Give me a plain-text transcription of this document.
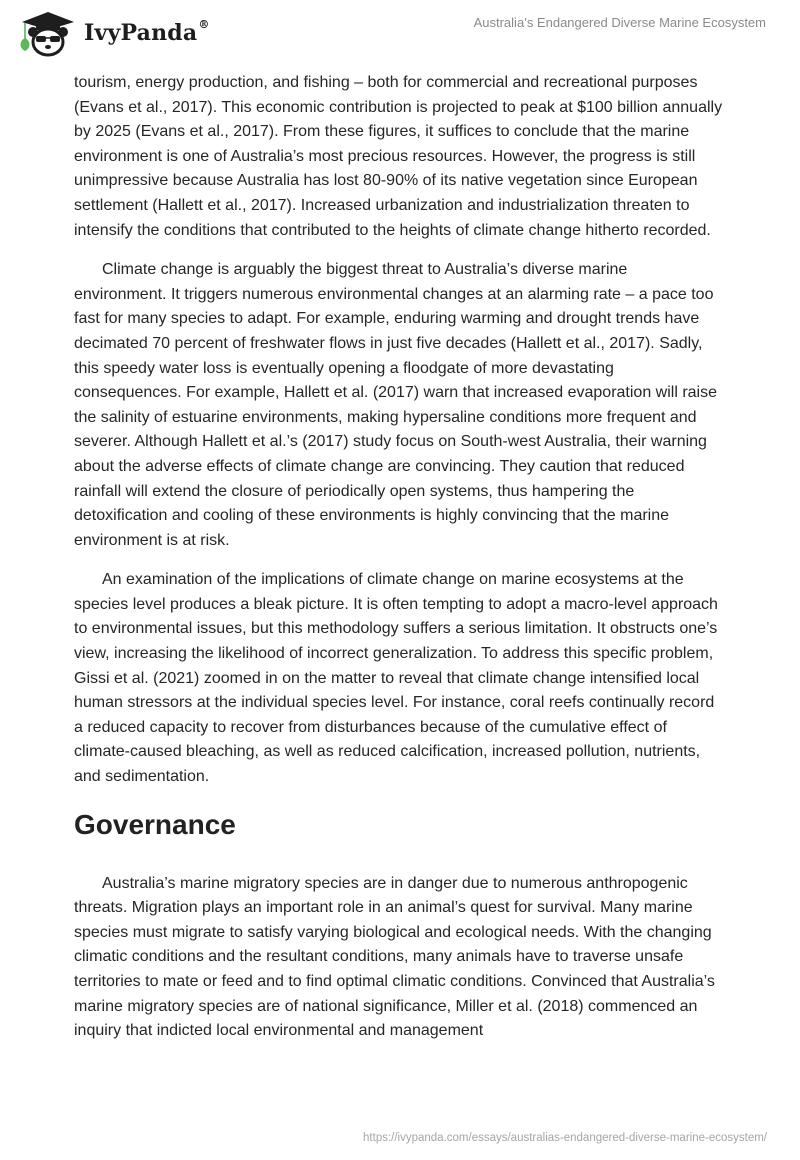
IvyPanda®	Australia’s Endangered Diverse Marine Ecosystem

tourism, energy production, and fishing – both for commercial and recreational purposes (Evans et al., 2017). This economic contribution is projected to peak at $100 billion annually by 2025 (Evans et al., 2017). From these figures, it suffices to conclude that the marine environment is one of Australia’s most precious resources. However, the progress is still unimpressive because Australia has lost 80-90% of its native vegetation since European settlement (Hallett et al., 2017). Increased urbanization and industrialization threaten to intensify the conditions that contributed to the heights of climate change hitherto recorded.

Climate change is arguably the biggest threat to Australia’s diverse marine environment. It triggers numerous environmental changes at an alarming rate – a pace too fast for many species to adapt. For example, enduring warming and drought trends have decimated 70 percent of freshwater flows in just five decades (Hallett et al., 2017). Sadly, this speedy water loss is eventually opening a floodgate of more devastating consequences. For example, Hallett et al. (2017) warn that increased evaporation will raise the salinity of estuarine environments, making hypersaline conditions more frequent and severer. Although Hallett et al.’s (2017) study focus on South-west Australia, their warning about the adverse effects of climate change are convincing. They caution that reduced rainfall will extend the closure of periodically open systems, thus hampering the detoxification and cooling of these environments is highly convincing that the marine environment is at risk.

An examination of the implications of climate change on marine ecosystems at the species level produces a bleak picture. It is often tempting to adopt a macro-level approach to environmental issues, but this methodology suffers a serious limitation. It obstructs one’s view, increasing the likelihood of incorrect generalization. To address this specific problem, Gissi et al. (2021) zoomed in on the matter to reveal that climate change intensified local human stressors at the individual species level. For instance, coral reefs continually record a reduced capacity to recover from disturbances because of the cumulative effect of climate-caused bleaching, as well as reduced calcification, increased pollution, nutrients, and sedimentation.

Governance

Australia’s marine migratory species are in danger due to numerous anthropogenic threats. Migration plays an important role in an animal’s quest for survival. Many marine species must migrate to satisfy varying biological and ecological needs. With the changing climatic conditions and the resultant conditions, many animals have to traverse unsafe territories to mate or feed and to find optimal climatic conditions. Convinced that Australia’s marine migratory species are of national significance, Miller et al. (2018) commenced an inquiry that indicted local environmental and management

https://ivypanda.com/essays/australias-endangered-diverse-marine-ecosystem/
